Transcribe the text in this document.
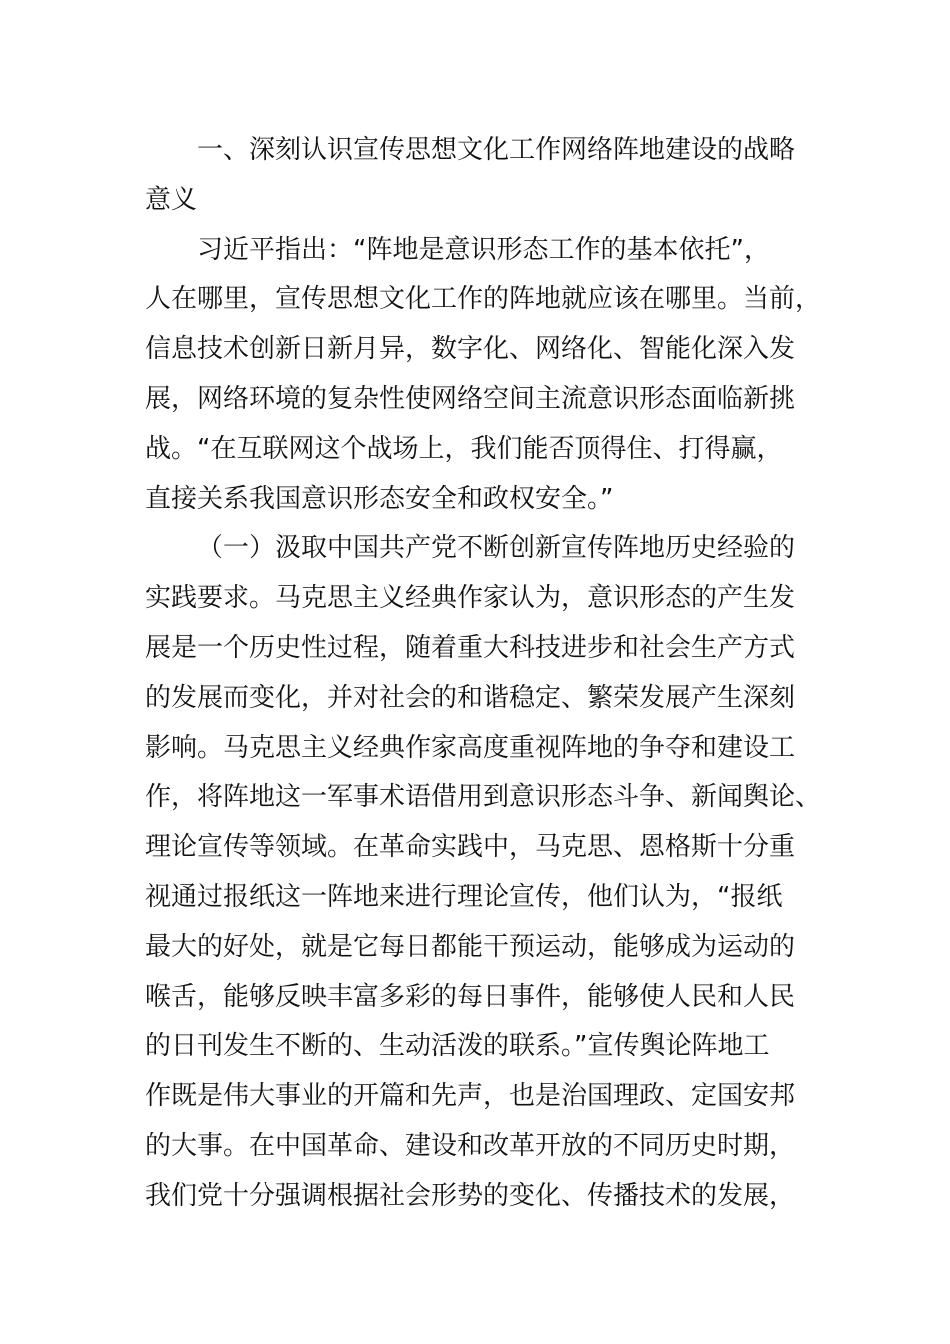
一、深刻认识宣传思想文化工作网络阵地建设的战略
意义
习近平指出：“阵地是意识形态工作的基本依托”，
人在哪里，宣传思想文化工作的阵地就应该在哪里。当前，
信息技术创新日新月异，数字化、网络化、智能化深入发
展，网络环境的复杂性使网络空间主流意识形态面临新挑
战。“在互联网这个战场上，我们能否顶得住、打得赢，
直接关系我国意识形态安全和政权安全。”
（一）汲取中国共产党不断创新宣传阵地历史经验的
实践要求。马克思主义经典作家认为，意识形态的产生发
展是一个历史性过程，随着重大科技进步和社会生产方式
的发展而变化，并对社会的和谐稳定、繁荣发展产生深刻
影响。马克思主义经典作家高度重视阵地的争夺和建设工
作，将阵地这一军事术语借用到意识形态斗争、新闻舆论、
理论宣传等领域。在革命实践中，马克思、恩格斯十分重
视通过报纸这一阵地来进行理论宣传，他们认为，“报纸
最大的好处，就是它每日都能干预运动，能够成为运动的
喉舌，能够反映丰富多彩的每日事件，能够使人民和人民
的日刊发生不断的、生动活泼的联系。”宣传舆论阵地工
作既是伟大事业的开篇和先声，也是治国理政、定国安邦
的大事。在中国革命、建设和改革开放的不同历史时期，
我们党十分强调根据社会形势的变化、传播技术的发展，
